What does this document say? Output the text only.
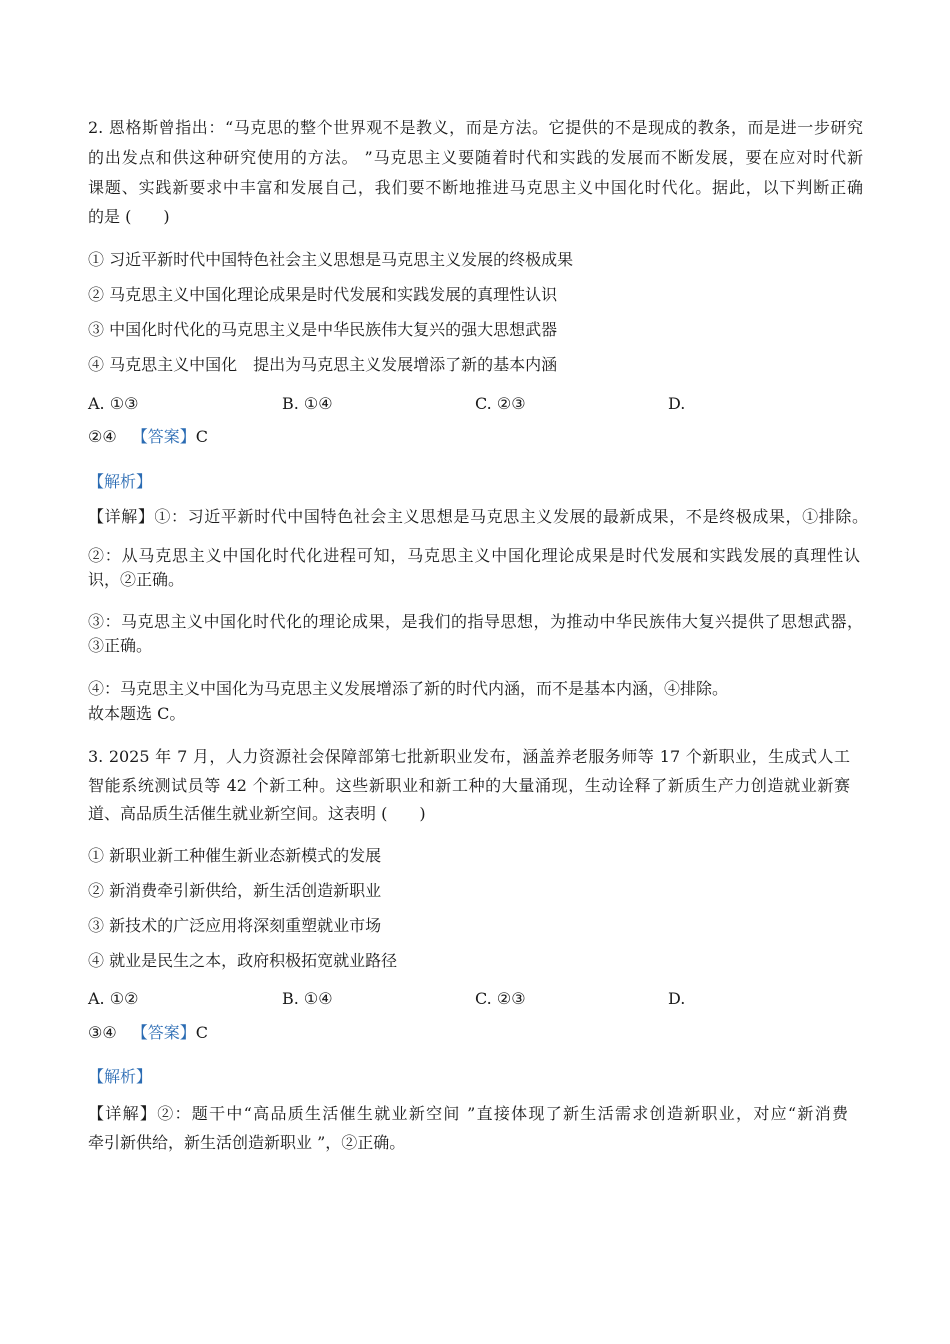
2. 恩格斯曾指出：“马克思的整个世界观不是教义，而是方法。它提供的不是现成的教条，而是进一步研究
的出发点和供这种研究使用的方法。 ”马克思主义要随着时代和实践的发展而不断发展，要在应对时代新
课题、实践新要求中丰富和发展自己，我们要不断地推进马克思主义中国化时代化。据此，以下判断正确
的是 (　　)
① 习近平新时代中国特色社会主义思想是马克思主义发展的终极成果
② 马克思主义中国化理论成果是时代发展和实践发展的真理性认识
③ 中国化时代化的马克思主义是中华民族伟大复兴的强大思想武器
④ 马克思主义中国化　提出为马克思主义发展增添了新的基本内涵
A. ①③	B. ①④	C. ②③	D.
②④ 【答案】C
【解析】
【详解】①：习近平新时代中国特色社会主义思想是马克思主义发展的最新成果，不是终极成果，①排除。
②：从马克思主义中国化时代化进程可知，马克思主义中国化理论成果是时代发展和实践发展的真理性认
识，②正确。
③：马克思主义中国化时代化的理论成果，是我们的指导思想，为推动中华民族伟大复兴提供了思想武器，
③正确。
④：马克思主义中国化为马克思主义发展增添了新的时代内涵，而不是基本内涵，④排除。
故本题选 C。
3. 2025 年 7 月，人力资源社会保障部第七批新职业发布，涵盖养老服务师等 17 个新职业，生成式人工
智能系统测试员等 42 个新工种。这些新职业和新工种的大量涌现，生动诠释了新质生产力创造就业新赛
道、高品质生活催生就业新空间。这表明 (　　)
① 新职业新工种催生新业态新模式的发展
② 新消费牵引新供给，新生活创造新职业
③ 新技术的广泛应用将深刻重塑就业市场
④ 就业是民生之本，政府积极拓宽就业路径
A. ①②	B. ①④	C. ②③	D.
③④ 【答案】C
【解析】
【详解】②：题干中“高品质生活催生就业新空间 ”直接体现了新生活需求创造新职业，对应“新消费
牵引新供给，新生活创造新职业 ”，②正确。
